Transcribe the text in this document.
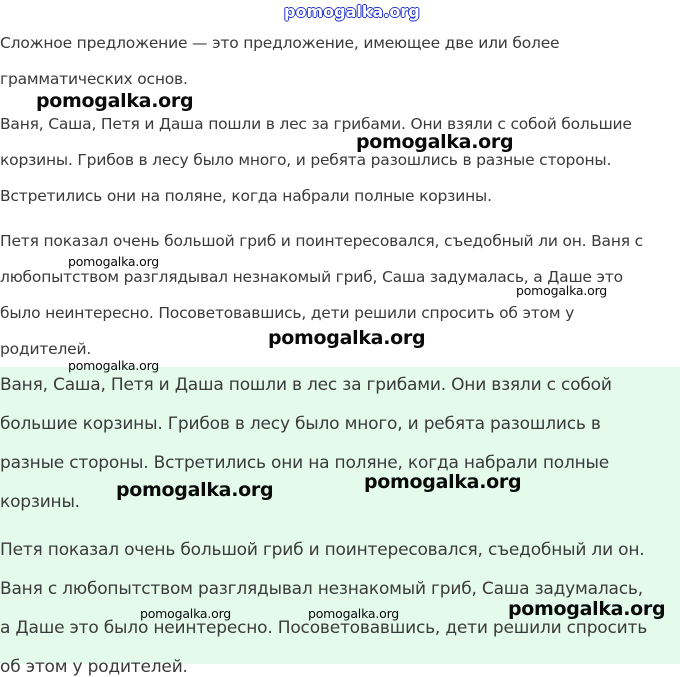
pomogalka.org

Сложное предложение — это предложение, имеющее две или более

грамматических основ.

Ваня, Саша, Петя и Даша пошли в лес за грибами. Они взяли с собой большие

корзины. Грибов в лесу было много, и ребята разошлись в разные стороны.

Встретились они на поляне, когда набрали полные корзины.

Петя показал очень большой гриб и поинтересовался, съедобный ли он. Ваня с

любопытством разглядывал незнакомый гриб, Саша задумалась, а Даше это

было неинтересно. Посоветовавшись, дети решили спросить об этом у

родителей.

Ваня, Саша, Петя и Даша пошли в лес за грибами. Они взяли с собой

большие корзины. Грибов в лесу было много, и ребята разошлись в

разные стороны. Встретились они на поляне, когда набрали полные

корзины.

Петя показал очень большой гриб и поинтересовался, съедобный ли он.

Ваня с любопытством разглядывал незнакомый гриб, Саша задумалась,

а Даше это было неинтересно. Посоветовавшись, дети решили спросить

об этом у родителей.

pomogalka.org
pomogalka.org
pomogalka.org
pomogalka.org
pomogalka.org
pomogalka.org
pomogalka.org
pomogalka.org
pomogalka.org	pomogalka.org	pomogalka.org
